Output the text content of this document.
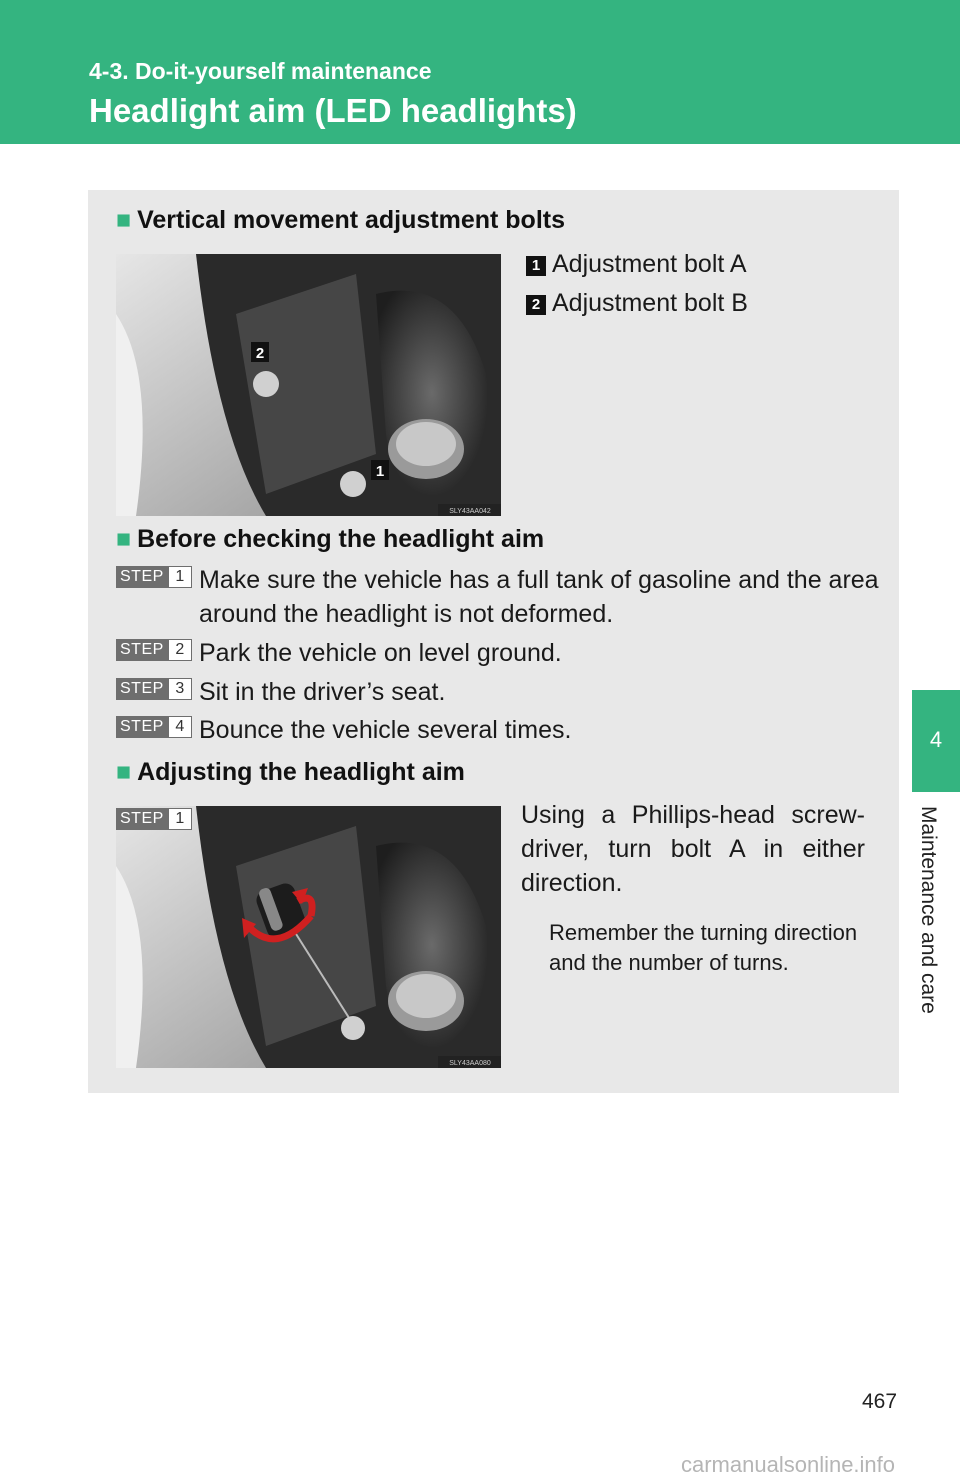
4-3. Do-it-yourself maintenance
Headlight aim (LED headlights)
4
Maintenance and care
■ Vertical movement adjustment bolts
2
1
SLY43AA042
1 Adjustment bolt A
2 Adjustment bolt B
■ Before checking the headlight aim
STEP 1 Make sure the vehicle has a full tank of gasoline and the area
around the headlight is not deformed.
STEP 2 Park the vehicle on level ground.
STEP 3 Sit in the driver’s seat.
STEP 4 Bounce the vehicle several times.
■ Adjusting the headlight aim
SLY43AA080
STEP 1	Using a Phillips-head screw-driver, turn bolt A in either direction.
Remember the turning direction and the number of turns.
467
carmanualsonline.info
